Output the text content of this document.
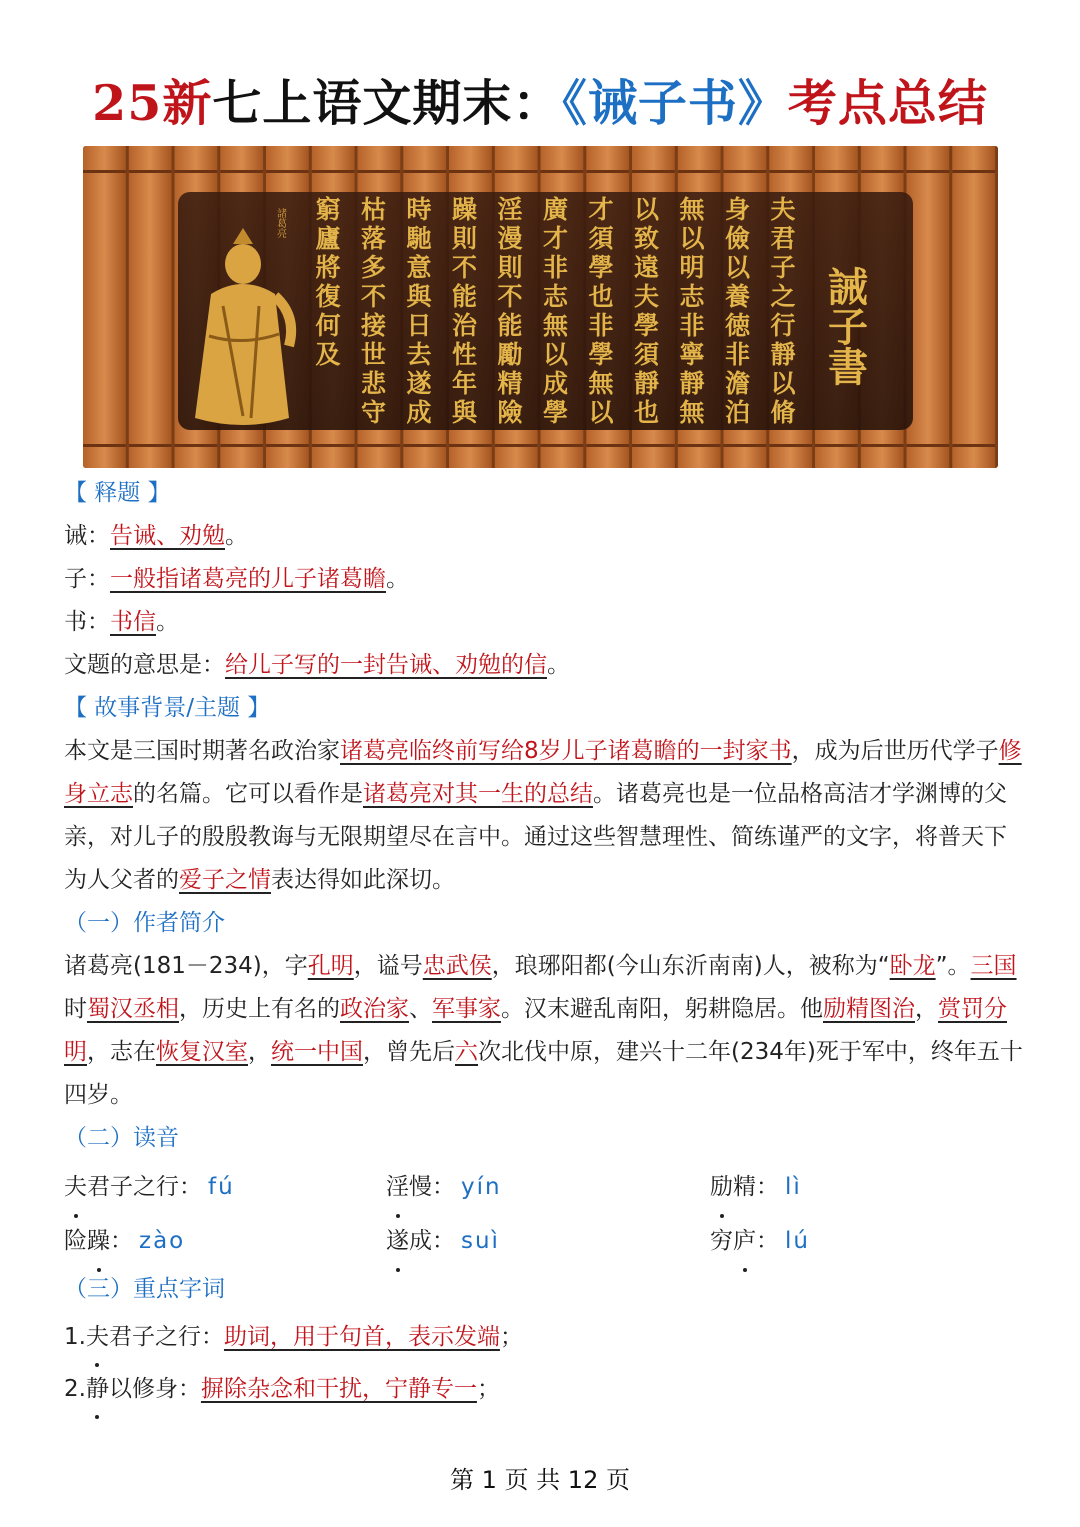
25新七上语文期末：《诫子书》考点总结
夫
君
子
之
行
靜
以
脩
身
儉
以
養
徳
非
澹
泊
無
以
明
志
非
寧
靜
無
以
致
遠
夫
學
須
靜
也
才
須
學
也
非
學
無
以
廣
才
非
志
無
以
成
學
淫
漫
則
不
能
勵
精
險
躁
則
不
能
治
性
年
與
時
馳
意
與
日
去
遂
成
枯
落
多
不
接
世
悲
守
窮
廬
將
復
何
及
諸葛亮
誡子書
【 释题 】
诫：告诫、劝勉。
子：一般指诸葛亮的儿子诸葛瞻。
书：书信。
文题的意思是：给儿子写的一封告诫、劝勉的信。
【 故事背景/主题 】
本文是三国时期著名政治家诸葛亮临终前写给8岁儿子诸葛瞻的一封家书，成为后世历代学子修身立志的名篇。它可以看作是诸葛亮对其一生的总结。诸葛亮也是一位品格高洁才学渊博的父亲，对儿子的殷殷教诲与无限期望尽在言中。通过这些智慧理性、简练谨严的文字，将普天下为人父者的爱子之情表达得如此深切。
（一）作者简介
诸葛亮(181－234)，字孔明，谥号忠武侯，琅琊阳都(今山东沂南南)人，被称为“卧龙”。三国时蜀汉丞相，历史上有名的政治家、军事家。汉末避乱南阳，躬耕隐居。他励精图治，赏罚分明，志在恢复汉室，统一中国，曾先后六次北伐中原，建兴十二年(234年)死于军中，终年五十四岁。
（二）读音
夫君子之行： fú	淫慢： yín	励精： lì
险躁： zào	遂成： suì	穷庐： lú
（三）重点字词
1.夫君子之行：助词，用于句首，表示发端；
2.静以修身：摒除杂念和干扰，宁静专一；
第 1 页 共 12 页
